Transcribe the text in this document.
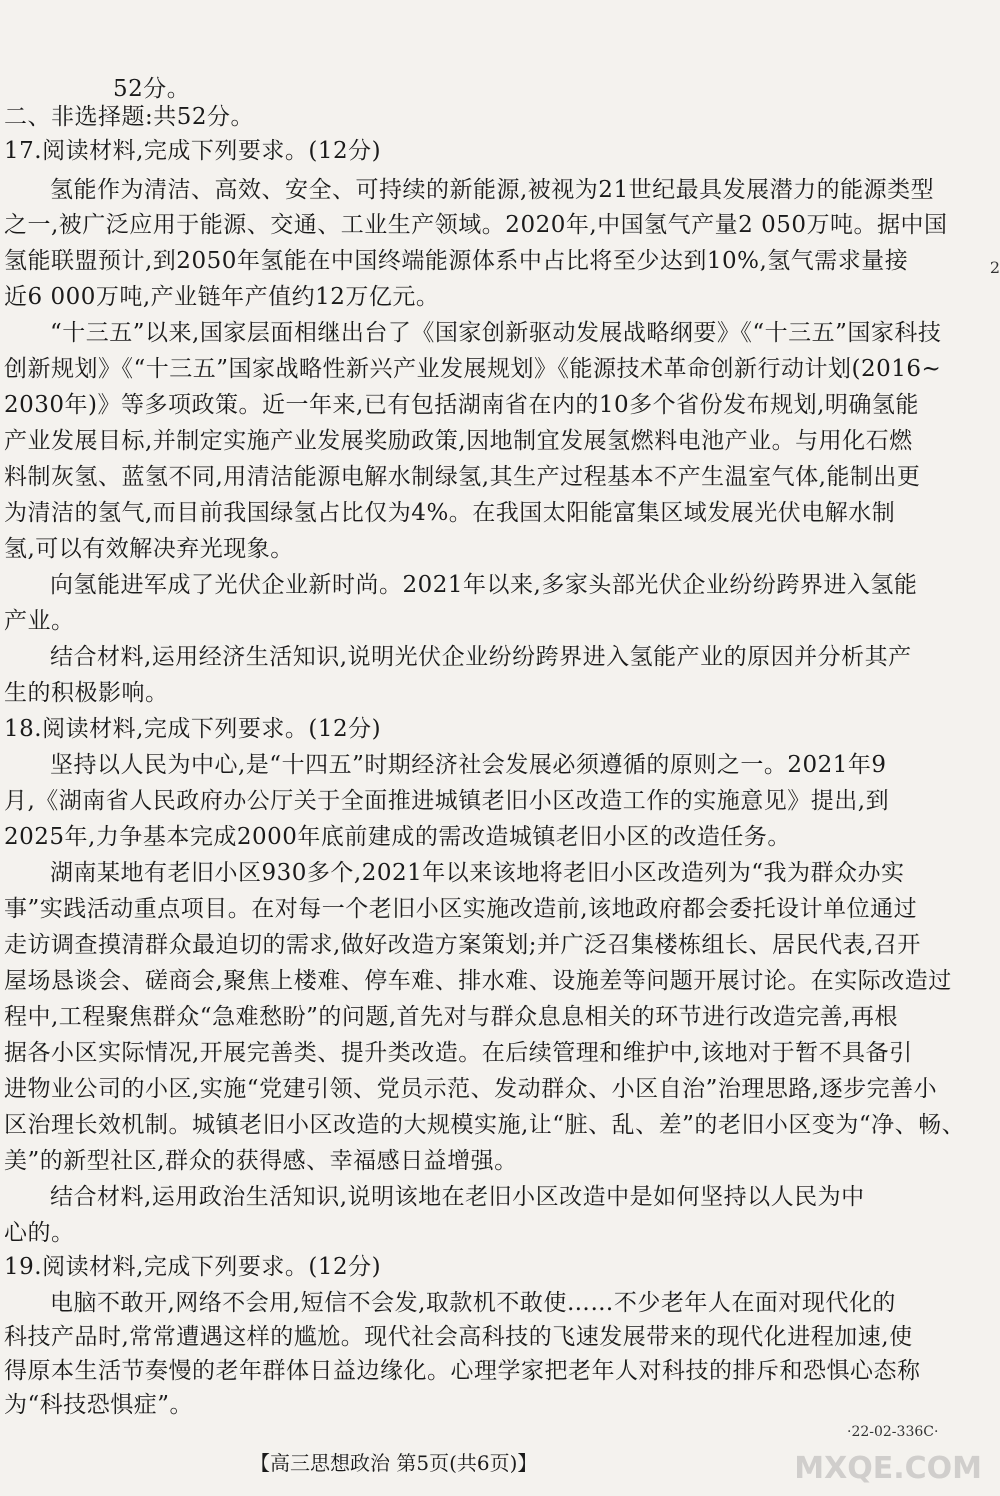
52分。
二、非选择题:共52分。
17.阅读材料,完成下列要求。(12分)
氢能作为清洁、高效、安全、可持续的新能源,被视为21世纪最具发展潜力的能源类型
之一,被广泛应用于能源、交通、工业生产领域。2020年,中国氢气产量2 050万吨。据中国
氢能联盟预计,到2050年氢能在中国终端能源体系中占比将至少达到10%,氢气需求量接
近6 000万吨,产业链年产值约12万亿元。
“十三五”以来,国家层面相继出台了《国家创新驱动发展战略纲要》《“十三五”国家科技
创新规划》《“十三五”国家战略性新兴产业发展规划》《能源技术革命创新行动计划(2016~
2030年)》等多项政策。近一年来,已有包括湖南省在内的10多个省份发布规划,明确氢能
产业发展目标,并制定实施产业发展奖励政策,因地制宜发展氢燃料电池产业。与用化石燃
料制灰氢、蓝氢不同,用清洁能源电解水制绿氢,其生产过程基本不产生温室气体,能制出更
为清洁的氢气,而目前我国绿氢占比仅为4%。在我国太阳能富集区域发展光伏电解水制
氢,可以有效解决弃光现象。
向氢能进军成了光伏企业新时尚。2021年以来,多家头部光伏企业纷纷跨界进入氢能
产业。
结合材料,运用经济生活知识,说明光伏企业纷纷跨界进入氢能产业的原因并分析其产
生的积极影响。
18.阅读材料,完成下列要求。(12分)
坚持以人民为中心,是“十四五”时期经济社会发展必须遵循的原则之一。2021年9
月,《湖南省人民政府办公厅关于全面推进城镇老旧小区改造工作的实施意见》提出,到
2025年,力争基本完成2000年底前建成的需改造城镇老旧小区的改造任务。
湖南某地有老旧小区930多个,2021年以来该地将老旧小区改造列为“我为群众办实
事”实践活动重点项目。在对每一个老旧小区实施改造前,该地政府都会委托设计单位通过
走访调查摸清群众最迫切的需求,做好改造方案策划;并广泛召集楼栋组长、居民代表,召开
屋场恳谈会、磋商会,聚焦上楼难、停车难、排水难、设施差等问题开展讨论。在实际改造过
程中,工程聚焦群众“急难愁盼”的问题,首先对与群众息息相关的环节进行改造完善,再根
据各小区实际情况,开展完善类、提升类改造。在后续管理和维护中,该地对于暂不具备引
进物业公司的小区,实施“党建引领、党员示范、发动群众、小区自治”治理思路,逐步完善小
区治理长效机制。城镇老旧小区改造的大规模实施,让“脏、乱、差”的老旧小区变为“净、畅、
美”的新型社区,群众的获得感、幸福感日益增强。
结合材料,运用政治生活知识,说明该地在老旧小区改造中是如何坚持以人民为中
心的。
19.阅读材料,完成下列要求。(12分)
电脑不敢开,网络不会用,短信不会发,取款机不敢使……不少老年人在面对现代化的
科技产品时,常常遭遇这样的尴尬。现代社会高科技的飞速发展带来的现代化进程加速,使
得原本生活节奏慢的老年群体日益边缘化。心理学家把老年人对科技的排斥和恐惧心态称
为“科技恐惧症”。
2
·22-02-336C·
【高三思想政治 第5页(共6页)】	MXQE.COM
